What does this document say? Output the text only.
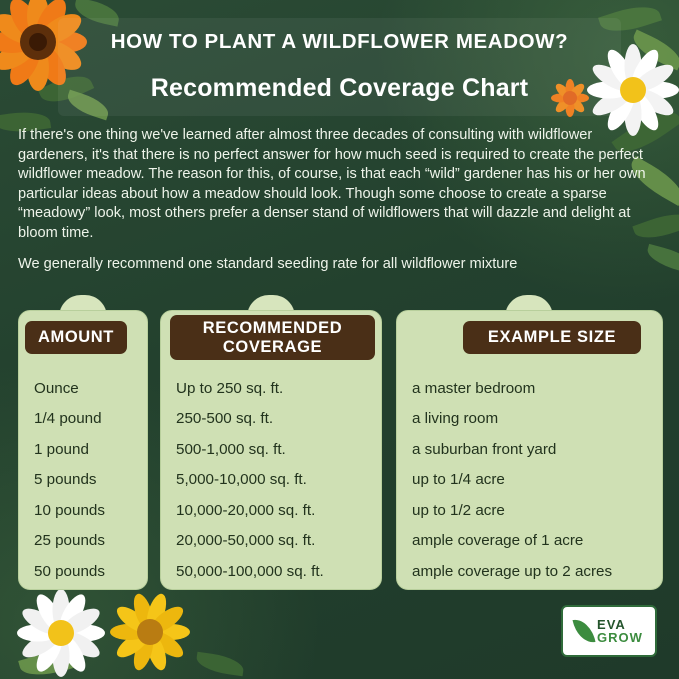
HOW TO PLANT A WILDFLOWER MEADOW?
Recommended Coverage Chart
If there's one thing we've learned after almost three decades of consulting with wildflower gardeners, it's that there is no perfect answer for how much seed is required to create the perfect wildflower meadow. The reason for this, of course, is that each “wild” gardener has his or her own particular ideas about how a meadow should look. Though some choose to create a sparse “meadowy” look, most others prefer a denser stand of wildflowers that will dazzle and delight at bloom time.
We generally recommend one standard seeding rate for all wildflower mixture
AMOUNT
Ounce
1/4 pound
1 pound
5 pounds
10 pounds
25 pounds
50 pounds
RECOMMENDED COVERAGE
Up to 250 sq. ft.
250-500 sq. ft.
500-1,000 sq. ft.
5,000-10,000 sq. ft.
10,000-20,000 sq. ft.
20,000-50,000 sq. ft.
50,000-100,000 sq. ft.
EXAMPLE SIZE
a master bedroom
a living room
a suburban front yard
up to 1/4 acre
up to 1/2 acre
ample coverage of 1 acre
ample coverage up to 2 acres
EVA
GROW
